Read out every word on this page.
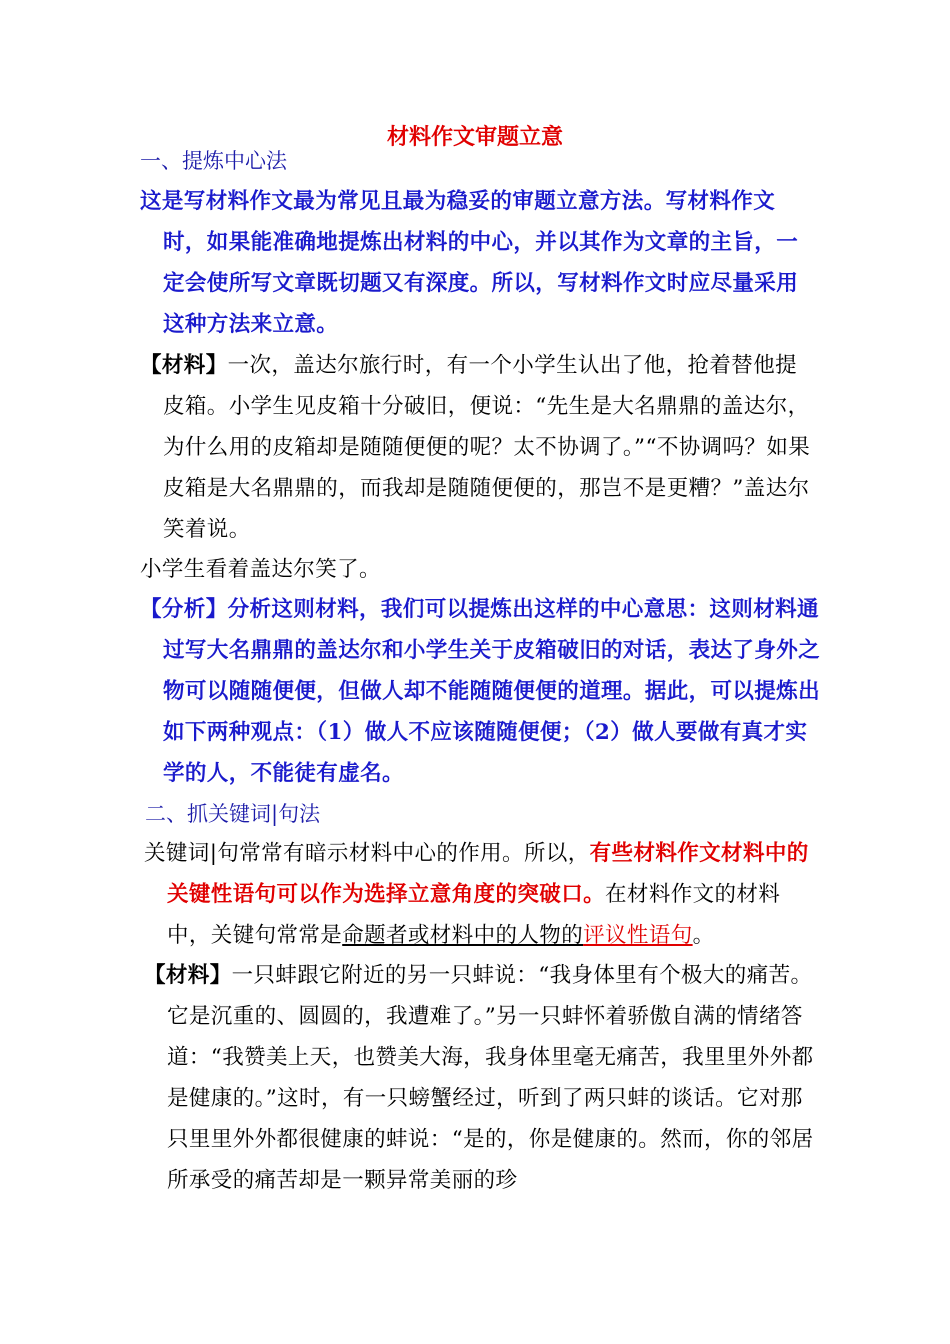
材料作文审题立意
一、提炼中心法

这是写材料作文最为常见且最为稳妥的审题立意方法。写材料作文时，如果能准确地提炼出材料的中心，并以其作为文章的主旨，一定会使所写文章既切题又有深度。所以，写材料作文时应尽量采用这种方法来立意。

【材料】一次，盖达尔旅行时，有一个小学生认出了他，抢着替他提皮箱。小学生见皮箱十分破旧，便说：“先生是大名鼎鼎的盖达尔，为什么用的皮箱却是随随便便的呢？太不协调了。”“不协调吗？如果皮箱是大名鼎鼎的，而我却是随随便便的，那岂不是更糟？”盖达尔笑着说。

小学生看着盖达尔笑了。

【分析】分析这则材料，我们可以提炼出这样的中心意思：这则材料通过写大名鼎鼎的盖达尔和小学生关于皮箱破旧的对话，表达了身外之物可以随随便便，但做人却不能随随便便的道理。据此，可以提炼出如下两种观点：（1）做人不应该随随便便；（2）做人要做有真才实学的人，不能徒有虚名。

二、抓关键词|句法

关键词|句常常有暗示材料中心的作用。所以，有些材料作文材料中的关键性语句可以作为选择立意角度的突破口。在材料作文的材料中，关键句常常是命题者或材料中的人物的评议性语句。

【材料】一只蚌跟它附近的另一只蚌说：“我身体里有个极大的痛苦。它是沉重的、圆圆的，我遭难了。”另一只蚌怀着骄傲自满的情绪答道：“我赞美上天，也赞美大海，我身体里毫无痛苦，我里里外外都是健康的。”这时，有一只螃蟹经过，听到了两只蚌的谈话。它对那只里里外外都很健康的蚌说：“是的，你是健康的。然而，你的邻居所承受的痛苦却是一颗异常美丽的珍
